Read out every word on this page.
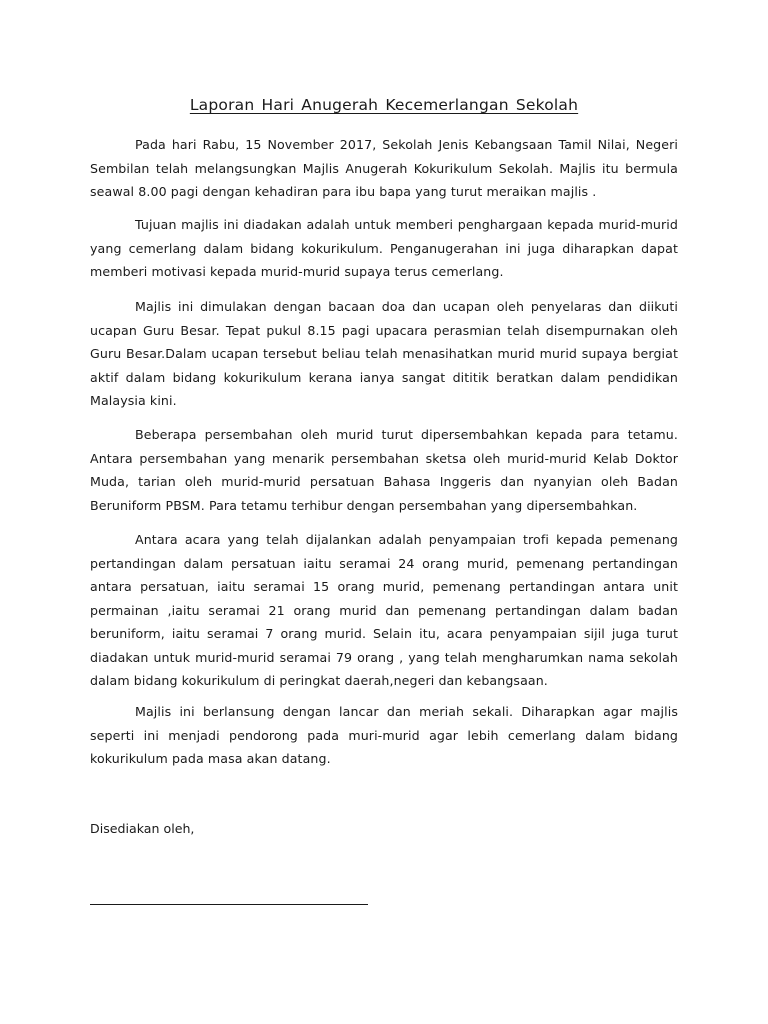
Laporan Hari Anugerah Kecemerlangan Sekolah

Pada hari Rabu, 15 November 2017, Sekolah Jenis Kebangsaan Tamil Nilai, Negeri Sembilan telah melangsungkan Majlis Anugerah Kokurikulum Sekolah. Majlis itu bermula seawal 8.00 pagi dengan kehadiran para ibu bapa yang turut meraikan majlis .

Tujuan majlis ini diadakan adalah untuk memberi penghargaan kepada murid-murid yang cemerlang dalam bidang kokurikulum. Penganugerahan ini juga diharapkan dapat memberi motivasi kepada murid-murid supaya terus cemerlang.

Majlis ini dimulakan dengan bacaan doa dan ucapan oleh penyelaras dan diikuti ucapan Guru Besar. Tepat pukul 8.15 pagi upacara perasmian telah disempurnakan oleh Guru Besar.Dalam ucapan tersebut beliau telah menasihatkan murid murid supaya bergiat aktif dalam bidang kokurikulum kerana ianya sangat dititik beratkan dalam pendidikan Malaysia kini.

Beberapa persembahan oleh murid turut dipersembahkan kepada para tetamu. Antara persembahan yang menarik persembahan sketsa oleh murid-murid Kelab Doktor Muda, tarian oleh murid-murid persatuan Bahasa Inggeris dan nyanyian oleh Badan Beruniform PBSM. Para tetamu terhibur dengan persembahan yang dipersembahkan.

Antara acara yang telah dijalankan adalah penyampaian trofi kepada pemenang pertandingan dalam persatuan iaitu seramai 24 orang murid, pemenang pertandingan antara persatuan, iaitu seramai 15 orang murid, pemenang pertandingan antara unit permainan ,iaitu seramai 21 orang murid dan pemenang pertandingan dalam badan beruniform, iaitu seramai 7 orang murid. Selain itu, acara penyampaian sijil juga turut diadakan untuk murid-murid seramai 79 orang , yang telah mengharumkan nama sekolah dalam bidang kokurikulum di peringkat daerah,negeri dan kebangsaan.

Majlis ini berlansung dengan lancar dan meriah sekali. Diharapkan agar majlis seperti ini menjadi pendorong pada muri-murid agar lebih cemerlang dalam bidang kokurikulum pada masa akan datang.

Disediakan oleh,
